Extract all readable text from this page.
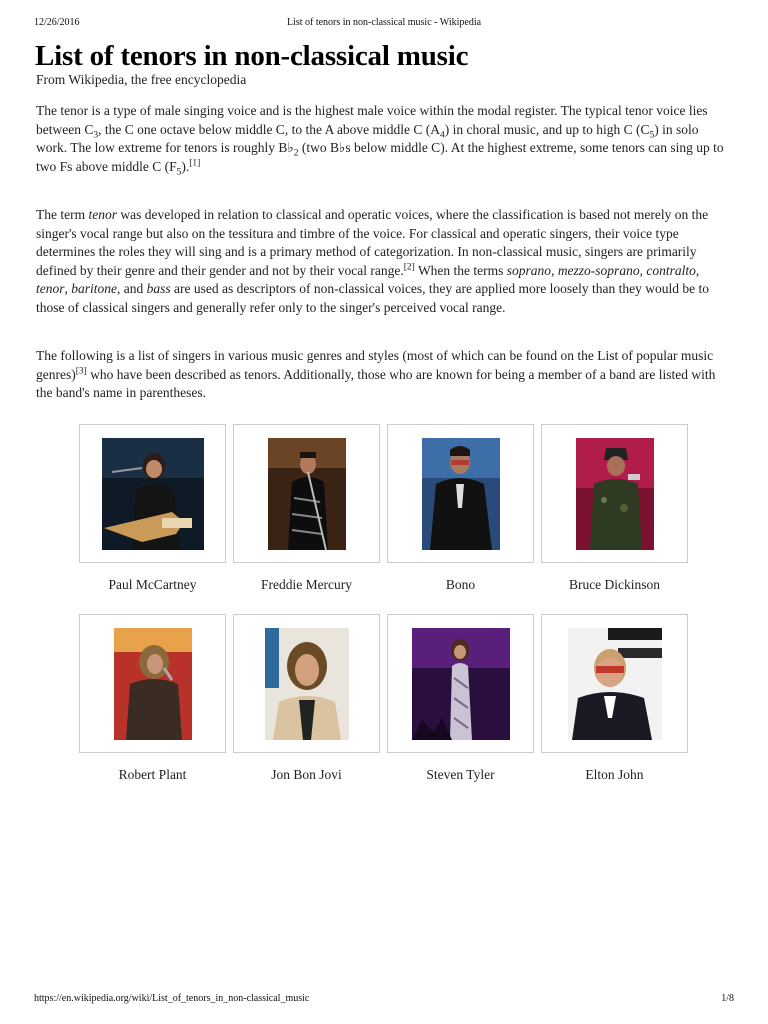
12/26/2016	List of tenors in non-classical music - Wikipedia
List of tenors in non-classical music
From Wikipedia, the free encyclopedia

The tenor is a type of male singing voice and is the highest male voice within the modal register. The typical tenor voice lies between $C_3$, the C one octave below middle C, to the A above middle C $(A_4)$ in choral music, and up to high C $(C_5)$ in solo work. The low extreme for tenors is roughly $B♭_2$ (two B♭s below middle C). At the highest extreme, some tenors can sing up to two Fs above middle C $(F_5).[1]$

The term tenor was developed in relation to classical and operatic voices, where the classification is based not merely on the singer's vocal range but also on the tessitura and timbre of the voice. For classical and operatic singers, their voice type determines the roles they will sing and is a primary method of categorization. In non-classical music, singers are primarily defined by their genre and their gender and not by their vocal range.[2] When the terms soprano, mezzo-soprano, contralto, tenor, baritone, and bass are used as descriptors of non-classical voices, they are applied more loosely than they would be to those of classical singers and generally refer only to the singer's perceived vocal range.

The following is a list of singers in various music genres and styles (most of which can be found on the List of popular music genres)[3] who have been described as tenors. Additionally, those who are known for being a member of a band are listed with the band's name in parentheses.

Paul McCartney	Freddie Mercury	Bono	Bruce Dickinson
Robert Plant	Jon Bon Jovi	Steven Tyler	Elton John
https://en.wikipedia.org/wiki/List_of_tenors_in_non-classical_music	1/8
